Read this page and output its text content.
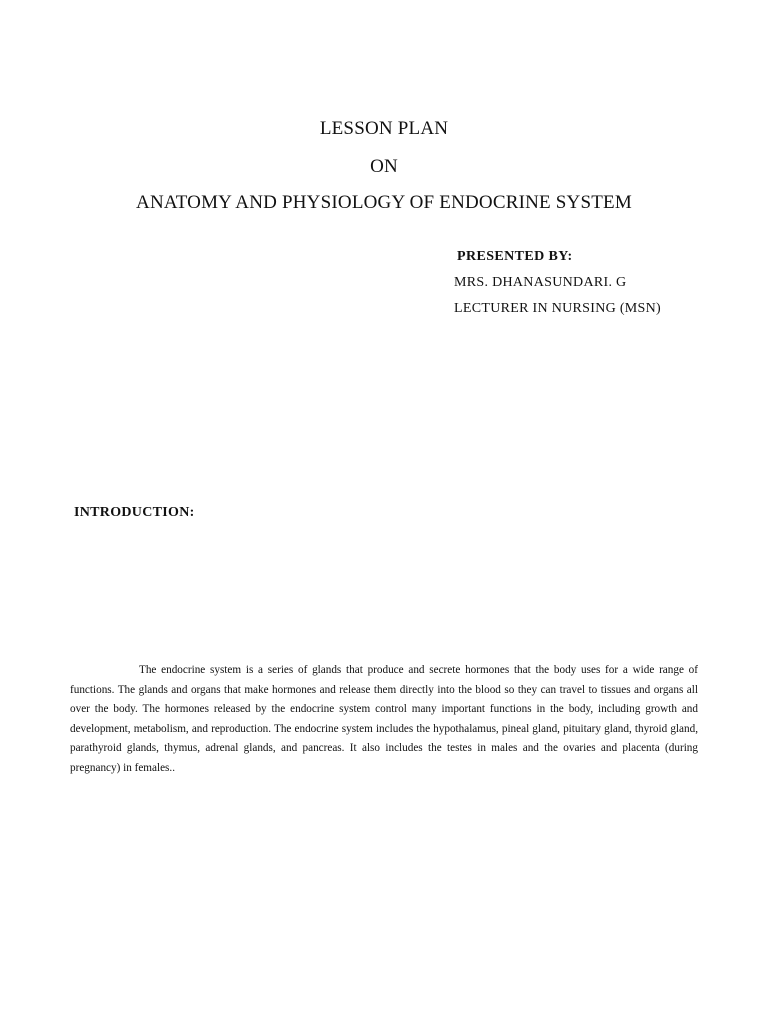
LESSON PLAN
ON
ANATOMY AND PHYSIOLOGY OF ENDOCRINE SYSTEM
PRESENTED BY:
MRS. DHANASUNDARI. G
LECTURER IN NURSING (MSN)
INTRODUCTION:

The endocrine system is a series of glands that produce and secrete hormones that the body uses for a wide range of functions. The glands and organs that make hormones and release them directly into the blood so they can travel to tissues and organs all over the body. The hormones released by the endocrine system control many important functions in the body, including growth and development, metabolism, and reproduction. The endocrine system includes the hypothalamus, pineal gland, pituitary gland, thyroid gland, parathyroid glands, thymus, adrenal glands, and pancreas. It also includes the testes in males and the ovaries and placenta (during pregnancy) in females..
